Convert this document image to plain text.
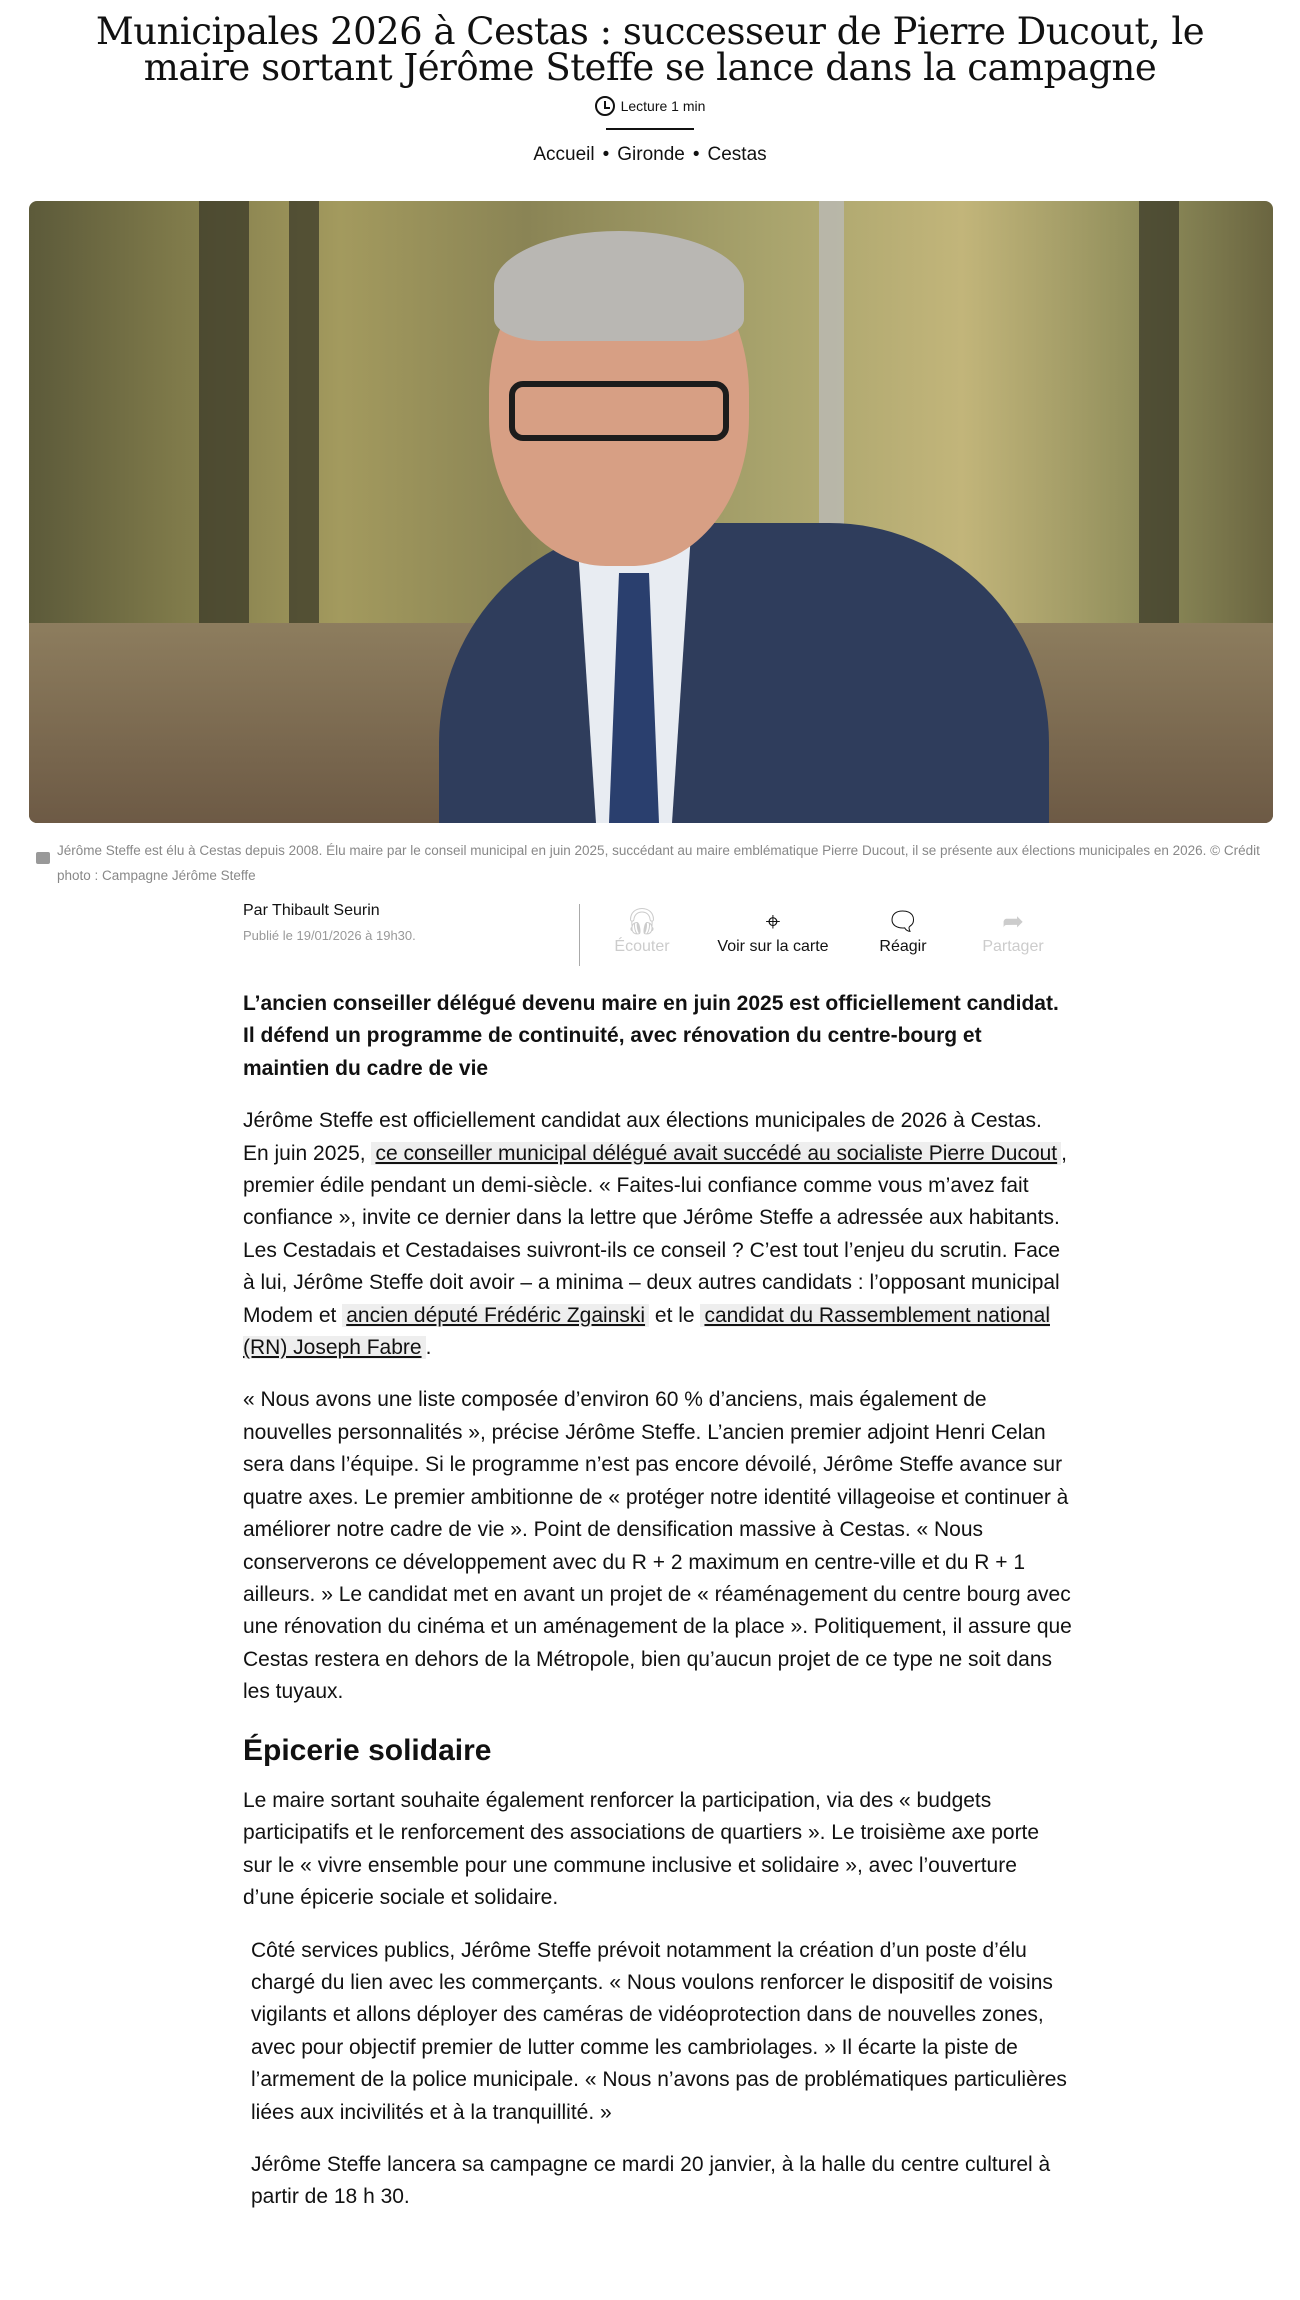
Municipales 2026 à Cestas : successeur de Pierre Ducout, le maire sortant Jérôme Steffe se lance dans la campagne
Lecture 1 min
Accueil • Gironde • Cestas
Jérôme Steffe est élu à Cestas depuis 2008. Élu maire par le conseil municipal en juin 2025, succédant au maire emblématique Pierre Ducout, il se présente aux élections municipales en 2026. © Crédit photo : Campagne Jérôme Steffe
Par Thibault Seurin
Publié le 19/01/2026 à 19h30.	🎧︎
Écouter
⌖
Voir sur la carte
🗨︎
Réagir
➦
Partager

L’ancien conseiller délégué devenu maire en juin 2025 est officiellement candidat. Il défend un programme de continuité, avec rénovation du centre-bourg et maintien du cadre de vie

Jérôme Steffe est officiellement candidat aux élections municipales de 2026 à Cestas. En juin 2025, ce conseiller municipal délégué avait succédé au socialiste Pierre Ducout , premier édile pendant un demi-siècle. « Faites-lui confiance comme vous m’avez fait confiance », invite ce dernier dans la lettre que Jérôme Steffe a adressée aux habitants. Les Cestadais et Cestadaises suivront-ils ce conseil ? C’est tout l’enjeu du scrutin. Face à lui, Jérôme Steffe doit avoir – a minima – deux autres candidats : l’opposant municipal Modem et ancien député Frédéric Zgainski et le candidat du Rassemblement national (RN) Joseph Fabre .

« Nous avons une liste composée d’environ 60 % d’anciens, mais également de nouvelles personnalités », précise Jérôme Steffe. L’ancien premier adjoint Henri Celan sera dans l’équipe. Si le programme n’est pas encore dévoilé, Jérôme Steffe avance sur quatre axes. Le premier ambitionne de « protéger notre identité villageoise et continuer à améliorer notre cadre de vie ». Point de densification massive à Cestas. « Nous conserverons ce développement avec du R + 2 maximum en centre-ville et du R + 1 ailleurs. » Le candidat met en avant un projet de « réaménagement du centre bourg avec une rénovation du cinéma et un aménagement de la place ». Politiquement, il assure que Cestas restera en dehors de la Métropole, bien qu’aucun projet de ce type ne soit dans les tuyaux.

Épicerie solidaire

Le maire sortant souhaite également renforcer la participation, via des « budgets participatifs et le renforcement des associations de quartiers ». Le troisième axe porte sur le « vivre ensemble pour une commune inclusive et solidaire », avec l’ouverture d’une épicerie sociale et solidaire.

Côté services publics, Jérôme Steffe prévoit notamment la création d’un poste d’élu chargé du lien avec les commerçants. « Nous voulons renforcer le dispositif de voisins vigilants et allons déployer des caméras de vidéoprotection dans de nouvelles zones, avec pour objectif premier de lutter comme les cambriolages. » Il écarte la piste de l’armement de la police municipale. « Nous n’avons pas de problématiques particulières liées aux incivilités et à la tranquillité. »

Jérôme Steffe lancera sa campagne ce mardi 20 janvier, à la halle du centre culturel à partir de 18 h 30.
